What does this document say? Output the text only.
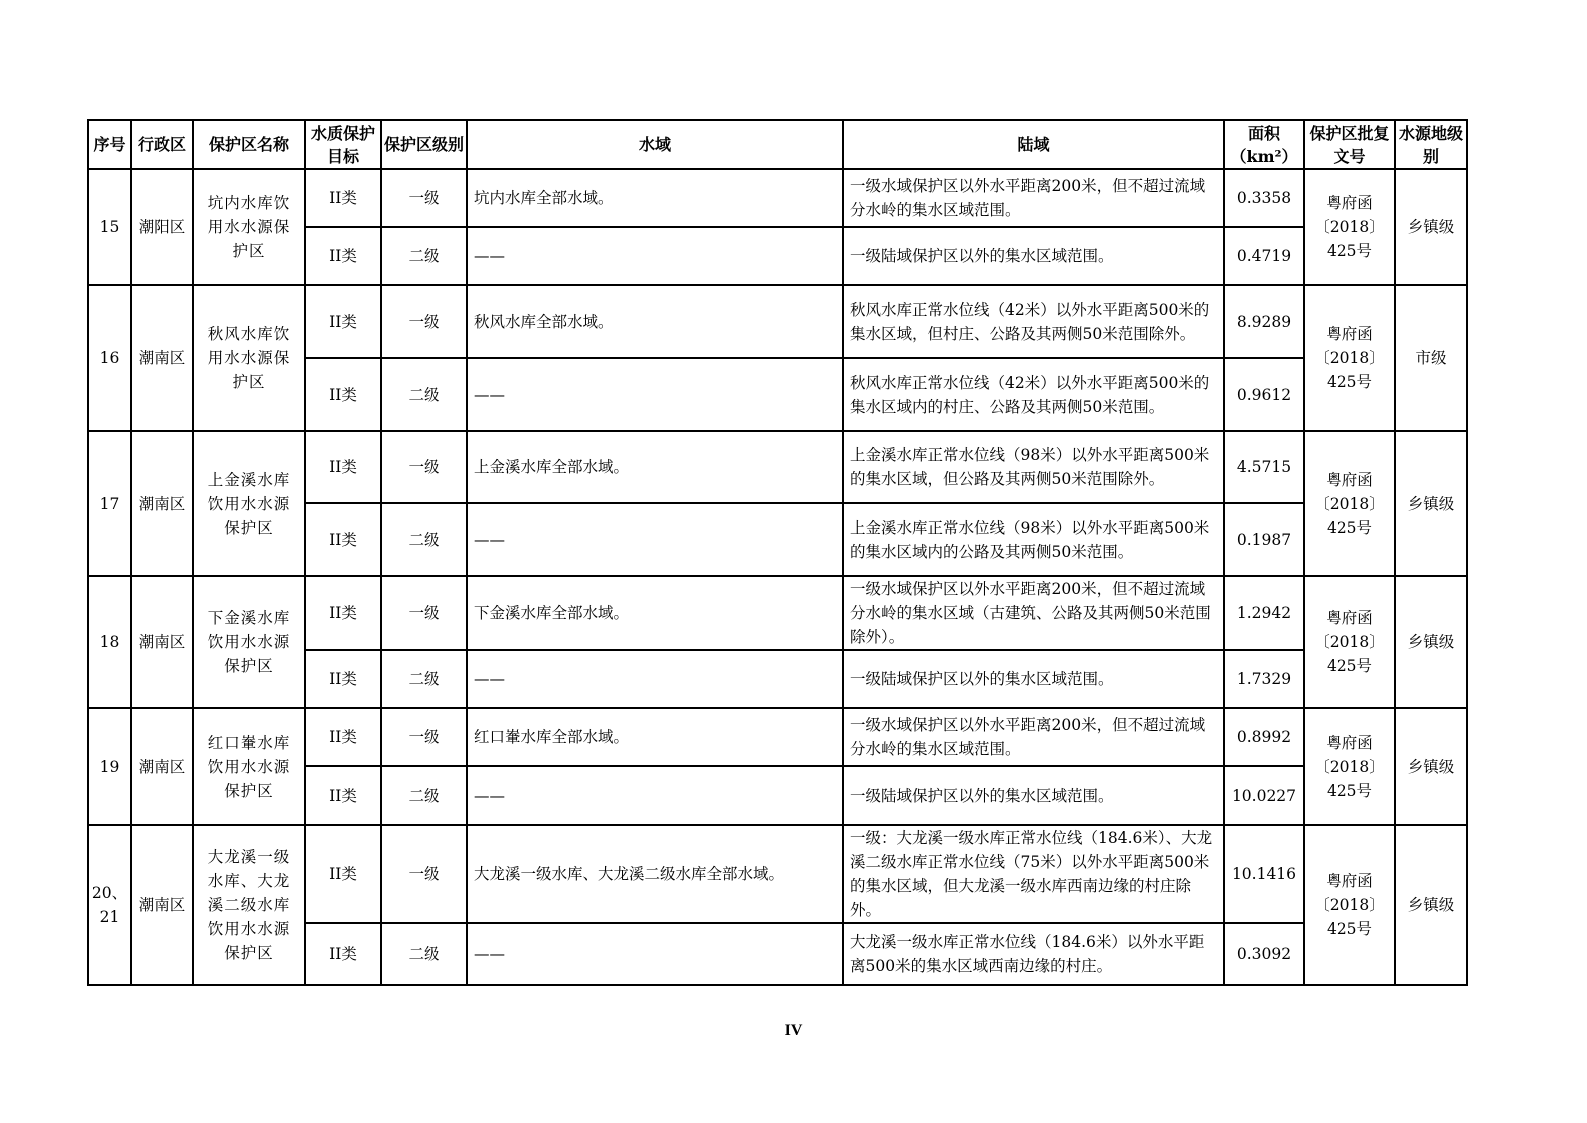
序号	行政区	保护区名称	水质保护目标	保护区级别	水域	陆域	面积（km²）	保护区批复文号	水源地级别
15	潮阳区	坑内水库饮用水水源保护区	II类	一级	坑内水库全部水域。	一级水域保护区以外水平距离200米，但不超过流域分水岭的集水区域范围。	0.3358	粤府函〔2018〕425号	乡镇级
			II类	二级	——	一级陆域保护区以外的集水区域范围。	0.4719		
16	潮南区	秋风水库饮用水水源保护区	II类	一级	秋风水库全部水域。	秋风水库正常水位线（42米）以外水平距离500米的集水区域，但村庄、公路及其两侧50米范围除外。	8.9289	粤府函〔2018〕425号	市级
			II类	二级	——	秋风水库正常水位线（42米）以外水平距离500米的集水区域内的村庄、公路及其两侧50米范围。	0.9612		
17	潮南区	上金溪水库饮用水水源保护区	II类	一级	上金溪水库全部水域。	上金溪水库正常水位线（98米）以外水平距离500米的集水区域，但公路及其两侧50米范围除外。	4.5715	粤府函〔2018〕425号	乡镇级
			II类	二级	——	上金溪水库正常水位线（98米）以外水平距离500米的集水区域内的公路及其两侧50米范围。	0.1987		
18	潮南区	下金溪水库饮用水水源保护区	II类	一级	下金溪水库全部水域。	一级水域保护区以外水平距离200米，但不超过流域分水岭的集水区域（古建筑、公路及其两侧50米范围除外）。	1.2942	粤府函〔2018〕425号	乡镇级
			II类	二级	——	一级陆域保护区以外的集水区域范围。	1.7329		
19	潮南区	红口輋水库饮用水水源保护区	II类	一级	红口輋水库全部水域。	一级水域保护区以外水平距离200米，但不超过流域分水岭的集水区域范围。	0.8992	粤府函〔2018〕425号	乡镇级
			II类	二级	——	一级陆域保护区以外的集水区域范围。	10.0227		
20、21	潮南区	大龙溪一级水库、大龙溪二级水库饮用水水源保护区	II类	一级	大龙溪一级水库、大龙溪二级水库全部水域。	一级：大龙溪一级水库正常水位线（184.6米）、大龙溪二级水库正常水位线（75米）以外水平距离500米的集水区域，但大龙溪一级水库西南边缘的村庄除外。	10.1416	粤府函〔2018〕425号	乡镇级
			II类	二级	——	大龙溪一级水库正常水位线（184.6米）以外水平距离500米的集水区域西南边缘的村庄。	0.3092		
IV
